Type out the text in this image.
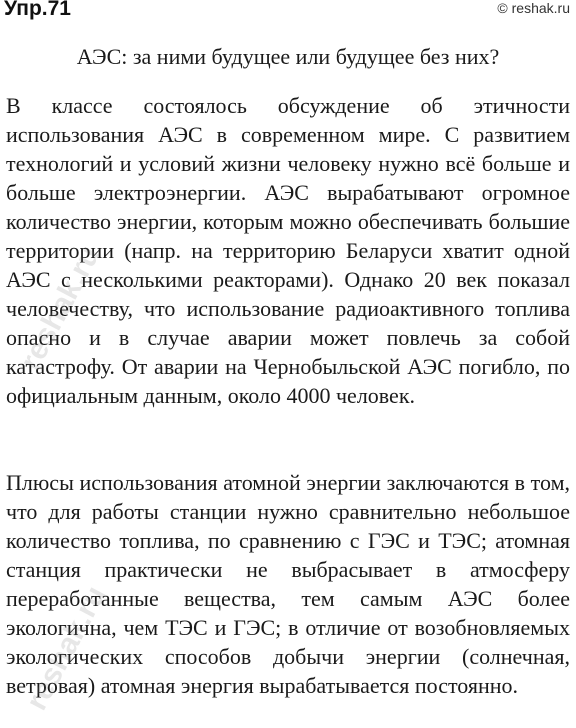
Упр.71	© reshak.ru
АЭС: за ними будущее или будущее без них?

В классе состоялось обсуждение об этичности использования АЭС в современном мире. С развитием технологий и условий жизни человеку нужно всё больше и больше электроэнергии. АЭС вырабатывают огромное количество энергии, которым можно обеспечивать большие территории (напр. на территорию Беларуси хватит одной АЭС с несколькими реакторами). Однако 20 век показал человечеству, что использование радиоактивного топлива опасно и в случае аварии может повлечь за собой катастрофу. От аварии на Чернобыльской АЭС погибло, по официальным данным, около 4000 человек.

Плюсы использования атомной энергии заключаются в том, что для работы станции нужно сравнительно небольшое количество топлива, по сравнению с ГЭС и ТЭС; атомная станция практически не выбрасывает в атмосферу переработанные вещества, тем самым АЭС более экологична, чем ТЭС и ГЭС; в отличие от возобновляемых экологических способов добычи энергии (солнечная, ветровая) атомная энергия вырабатывается постоянно.

reshak.ru
reshak.ru
